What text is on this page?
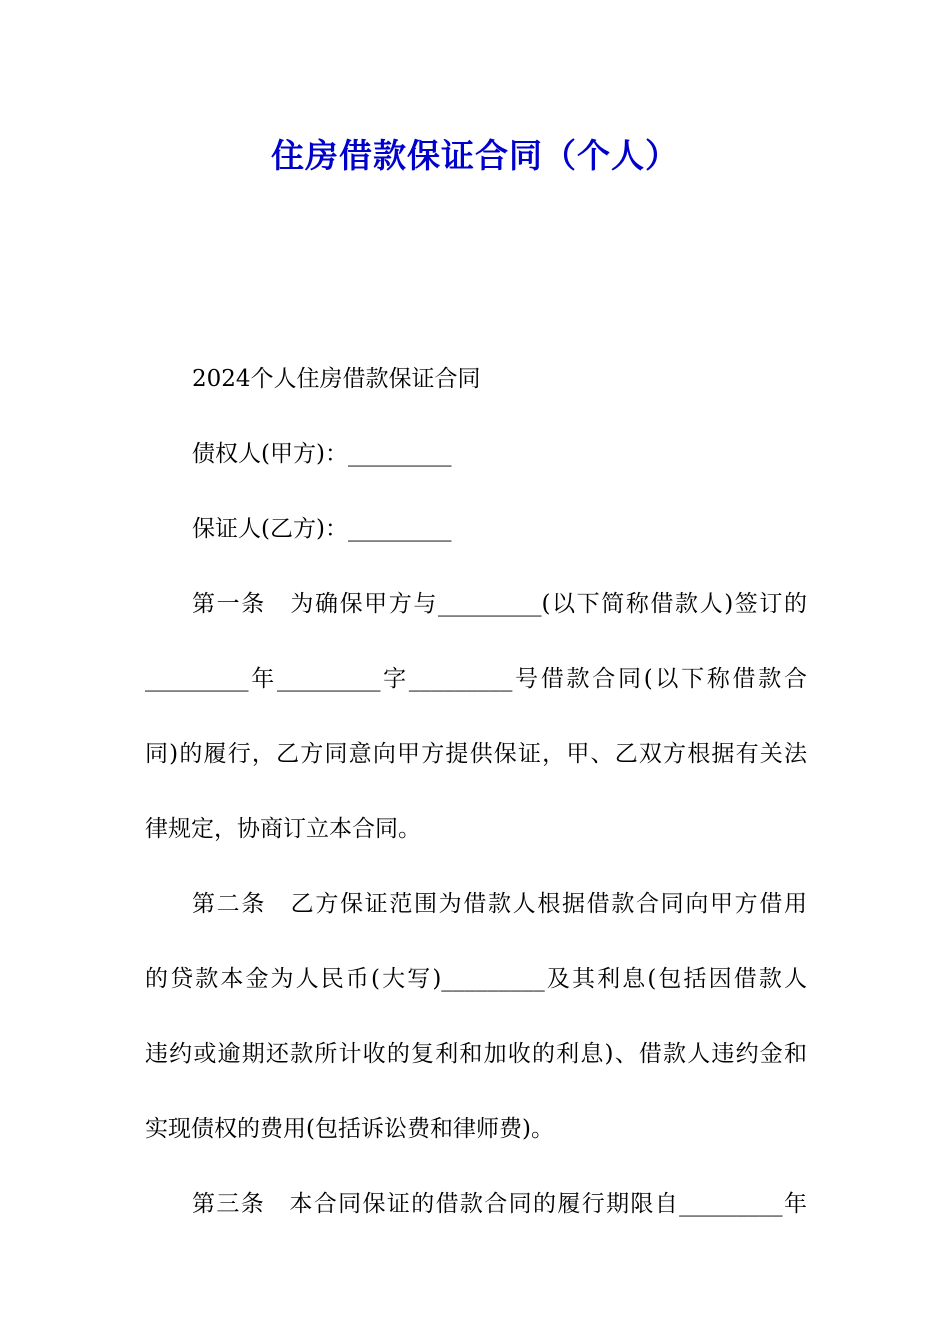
住房借款保证合同（个人）
2024个人住房借款保证合同
债权人(甲方)：_________
保证人(乙方)：_________
第一条　为确保甲方与_________(以下简称借款人)签订的
_________年_________字_________号借款合同(以下称借款合
同)的履行，乙方同意向甲方提供保证，甲、乙双方根据有关法
律规定，协商订立本合同。
第二条　乙方保证范围为借款人根据借款合同向甲方借用
的贷款本金为人民币(大写)_________及其利息(包括因借款人
违约或逾期还款所计收的复利和加收的利息)、借款人违约金和
实现债权的费用(包括诉讼费和律师费)。
第三条　本合同保证的借款合同的履行期限自_________年
